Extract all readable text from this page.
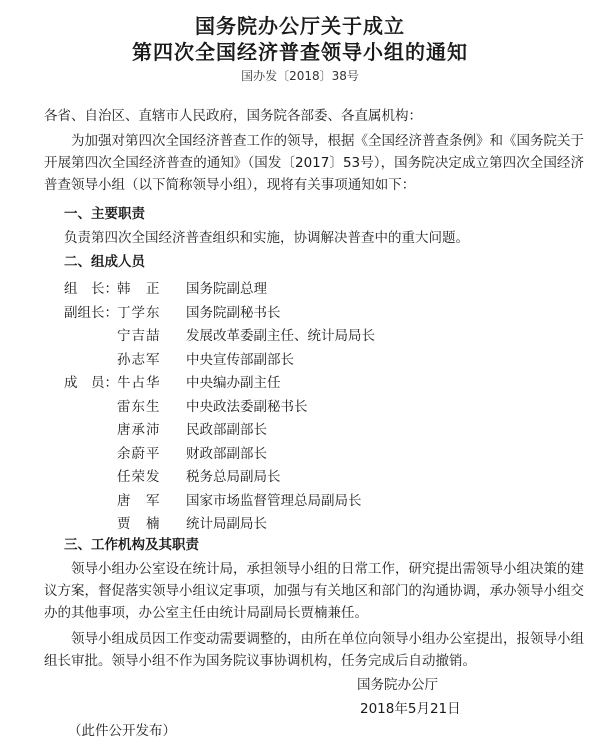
国务院办公厅关于成立
第四次全国经济普查领导小组的通知
国办发〔2018〕38号
各省、自治区、直辖市人民政府，国务院各部委、各直属机构：
为加强对第四次全国经济普查工作的领导，根据《全国经济普查条例》和《国务院关于开展第四次全国经济普查的通知》（国发〔2017〕53号），国务院决定成立第四次全国经济普查领导小组（以下简称领导小组），现将有关事项通知如下：
一、主要职责
负责第四次全国经济普查组织和实施，协调解决普查中的重大问题。
二、组成人员
组　长： 韩　正 国务院副总理
副组长： 丁学东 国务院副秘书长
宁吉喆 发展改革委副主任、统计局局长
孙志军 中央宣传部副部长
成　员： 牛占华 中央编办副主任
雷东生 中央政法委副秘书长
唐承沛 民政部副部长
余蔚平 财政部副部长
任荣发 税务总局副局长
唐　军 国家市场监督管理总局副局长
贾　楠 统计局副局长
三、工作机构及其职责
领导小组办公室设在统计局，承担领导小组的日常工作，研究提出需领导小组决策的建议方案，督促落实领导小组议定事项，加强与有关地区和部门的沟通协调，承办领导小组交办的其他事项，办公室主任由统计局副局长贾楠兼任。
领导小组成员因工作变动需要调整的，由所在单位向领导小组办公室提出，报领导小组组长审批。领导小组不作为国务院议事协调机构，任务完成后自动撤销。
国务院办公厅
2018年5月21日
（此件公开发布）
